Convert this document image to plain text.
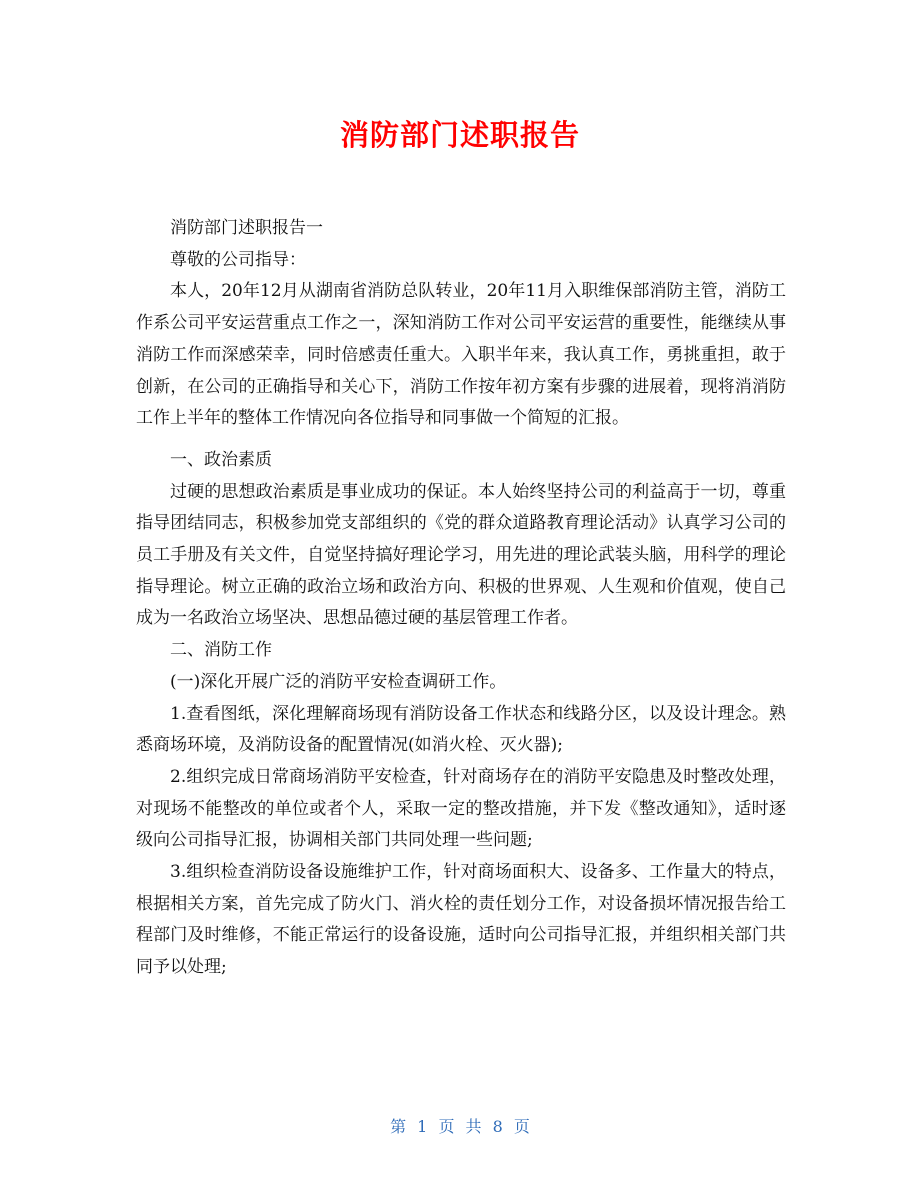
消防部门述职报告

消防部门述职报告一

尊敬的公司指导：

本人，20年12月从湖南省消防总队转业，20年11月入职维保部消防主管，消防工作系公司平安运营重点工作之一，深知消防工作对公司平安运营的重要性，能继续从事消防工作而深感荣幸，同时倍感责任重大。入职半年来，我认真工作，勇挑重担，敢于创新，在公司的正确指导和关心下，消防工作按年初方案有步骤的进展着，现将消消防工作上半年的整体工作情况向各位指导和同事做一个简短的汇报。

一、政治素质

过硬的思想政治素质是事业成功的保证。本人始终坚持公司的利益高于一切，尊重指导团结同志，积极参加党支部组织的《党的群众道路教育理论活动》认真学习公司的员工手册及有关文件，自觉坚持搞好理论学习，用先进的理论武装头脑，用科学的理论指导理论。树立正确的政治立场和政治方向、积极的世界观、人生观和价值观，使自己成为一名政治立场坚决、思想品德过硬的基层管理工作者。

二、消防工作

(一)深化开展广泛的消防平安检查调研工作。

1.查看图纸，深化理解商场现有消防设备工作状态和线路分区，以及设计理念。熟悉商场环境，及消防设备的配置情况(如消火栓、灭火器);

2.组织完成日常商场消防平安检查，针对商场存在的消防平安隐患及时整改处理，对现场不能整改的单位或者个人，采取一定的整改措施，并下发《整改通知》，适时逐级向公司指导汇报，协调相关部门共同处理一些问题;

3.组织检查消防设备设施维护工作，针对商场面积大、设备多、工作量大的特点，根据相关方案，首先完成了防火门、消火栓的责任划分工作，对设备损坏情况报告给工程部门及时维修，不能正常运行的设备设施，适时向公司指导汇报，并组织相关部门共同予以处理;

第 1 页 共 8 页
